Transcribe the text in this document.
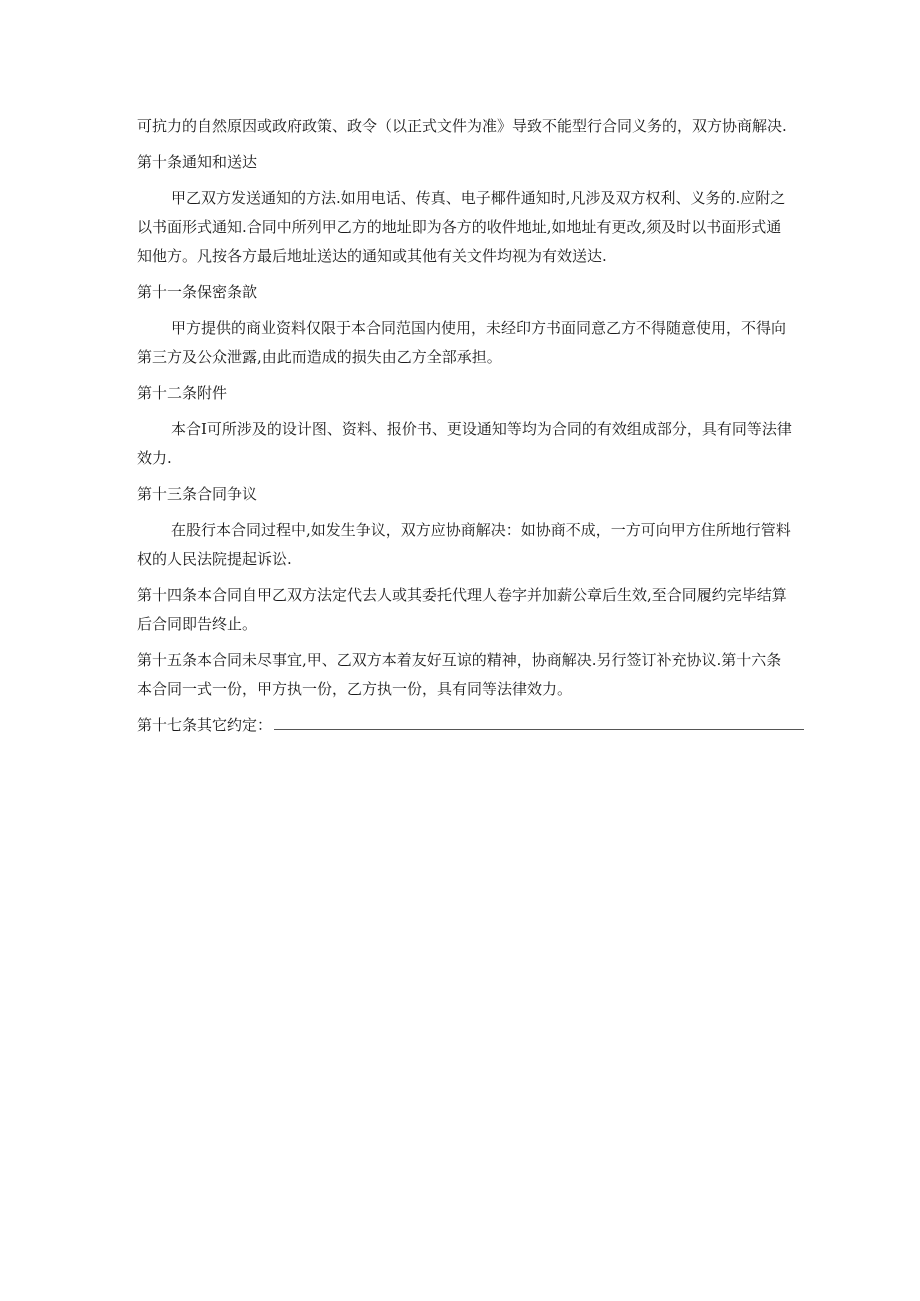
可抗力的自然原因或政府政策、政令（以正式文件为准》导致不能型行合同义务的，双方协商解决.
第十条通知和送达
甲乙双方发送通知的方法.如用电话、传真、电子椰件通知时,凡涉及双方权利、义务的.应附之
以书面形式通知.合同中所列甲乙方的地址即为各方的收件地址,如地址有更改,须及时以书面形式通
知他方。凡按各方最后地址送达的通知或其他有关文件均视为有效送达.
第十一条保密条歆
甲方提供的商业资料仅限于本合同范国内使用，未经印方书面同意乙方不得随意使用，不得向
第三方及公众泄露,由此而造成的损失由乙方全部承担。
第十二条附件
本合I可所涉及的设计图、资料、报价书、更设通知等均为合同的有效组成部分，具有同等法律
效力.
第十三条合同争议
在股行本合同过程中,如发生争议，双方应协商解决：如协商不成，一方可向甲方住所地行管料
权的人民法院提起诉讼.
第十四条本合同自甲乙双方法定代去人或其委托代理人卷字并加薪公章后生效,至合同履约完毕结算
后合同即告终止。
第十五条本合同未尽事宜,甲、乙双方本着友好互谅的精神，协商解决.另行签订补充协议.第十六条
本合同一式一份，甲方执一份，乙方执一份，具有同等法律效力。
第十七条其它约定：
